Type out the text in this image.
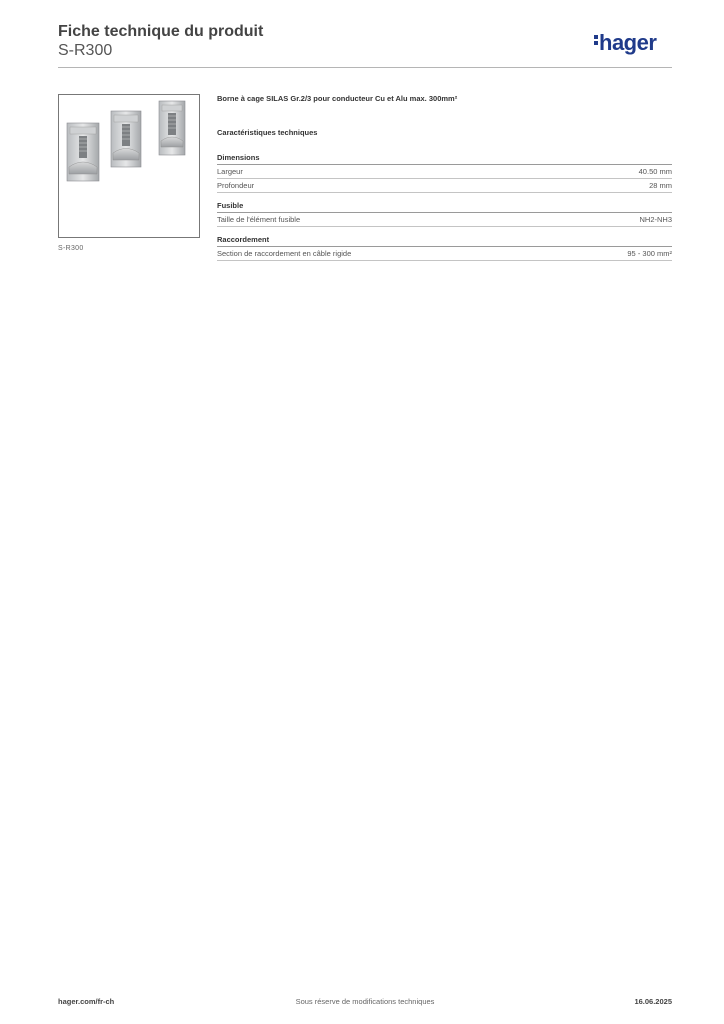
Fiche technique du produit
S-R300	hager
S-R300
Borne à cage SILAS Gr.2/3 pour conducteur Cu et Alu max. 300mm²
Caractéristiques techniques
Dimensions
Largeur	40.50 mm
Profondeur	28 mm
Fusible
Taille de l'élément fusible	NH2-NH3
Raccordement
Section de raccordement en câble rigide	95 - 300 mm²
hager.com/fr-ch	Sous réserve de modifications techniques	16.06.2025
